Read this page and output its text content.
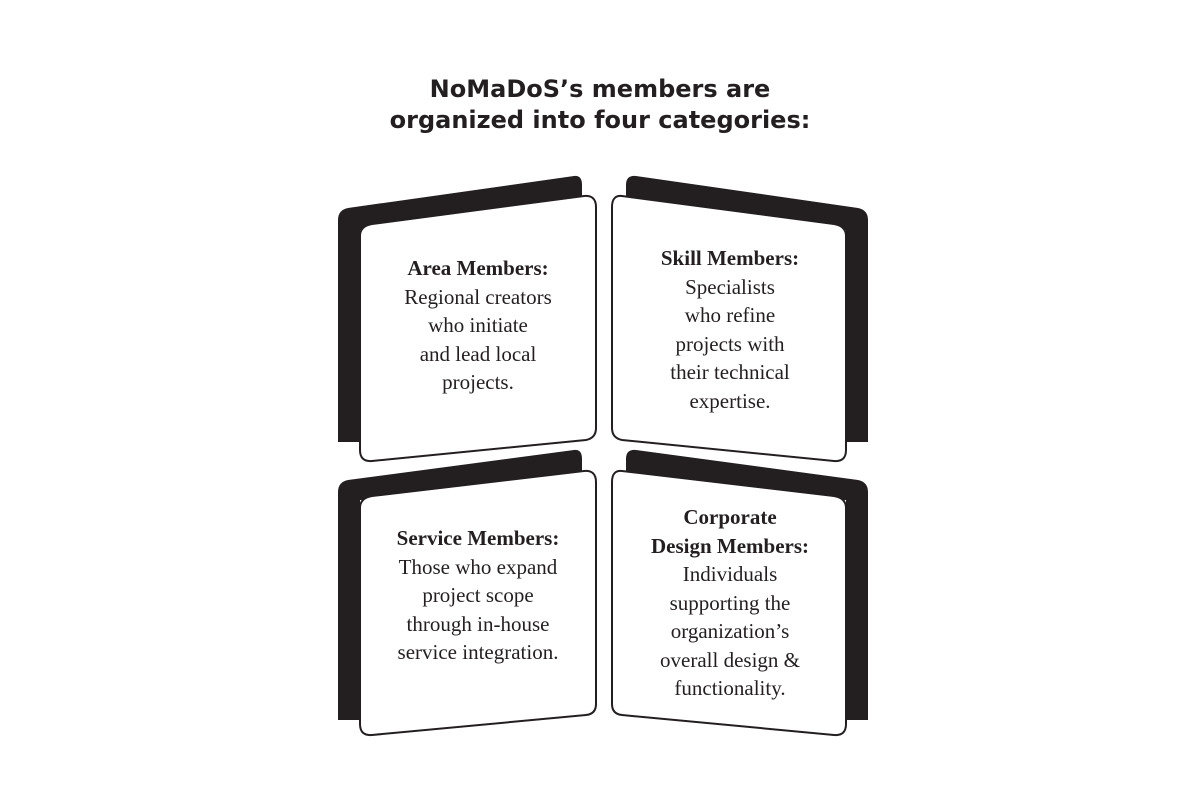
NoMaDoS’s members are
organized into four categories:
Area Members:
Regional creators
who initiate
and lead local
projects.
Skill Members:
Specialists
who refine
projects with
their technical
expertise.
Service Members:
Those who expand
project scope
through in-house
service integration.
Corporate
Design Members:
Individuals
supporting the
organization’s
overall design &
functionality.
